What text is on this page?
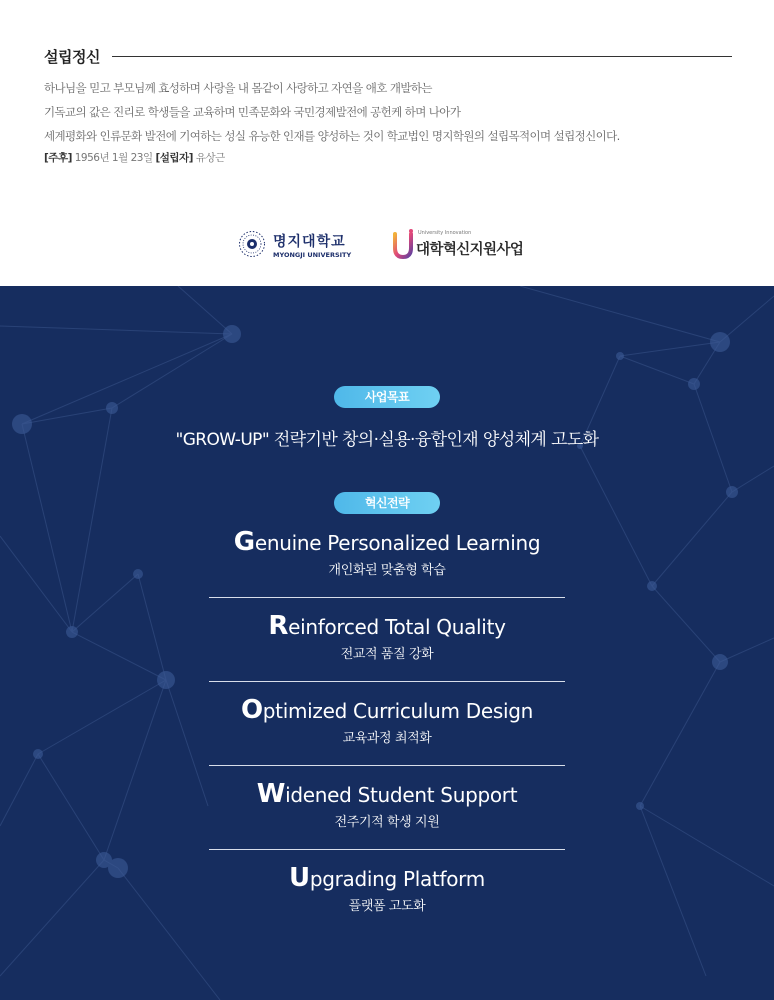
설립정신
하나님을 믿고 부모님께 효성하며 사랑을 내 몸같이 사랑하고 자연을 애호 개발하는
기독교의 값은 진리로 학생들을 교육하며 민족문화와 국민경제발전에 공헌케 하며 나아가
세계평화와 인류문화 발전에 기여하는 성실 유능한 인재를 양성하는 것이 학교법인 명지학원의 설립목적이며 설립정신이다.
[주후] 1956년 1월 23일 [설립자] 유상근
명지대학교
MYONGJI UNIVERSITY
University Innovation
대학혁신지원사업
사업목표
"GROW-UP" 전략기반 창의·실용·융합인재 양성체계 고도화
혁신전략
Genuine Personalized Learning
개인화된 맞춤형 학습
Reinforced Total Quality
전교적 품질 강화
Optimized Curriculum Design
교육과정 최적화
Widened Student Support
전주기적 학생 지원
Upgrading Platform
플랫폼 고도화
